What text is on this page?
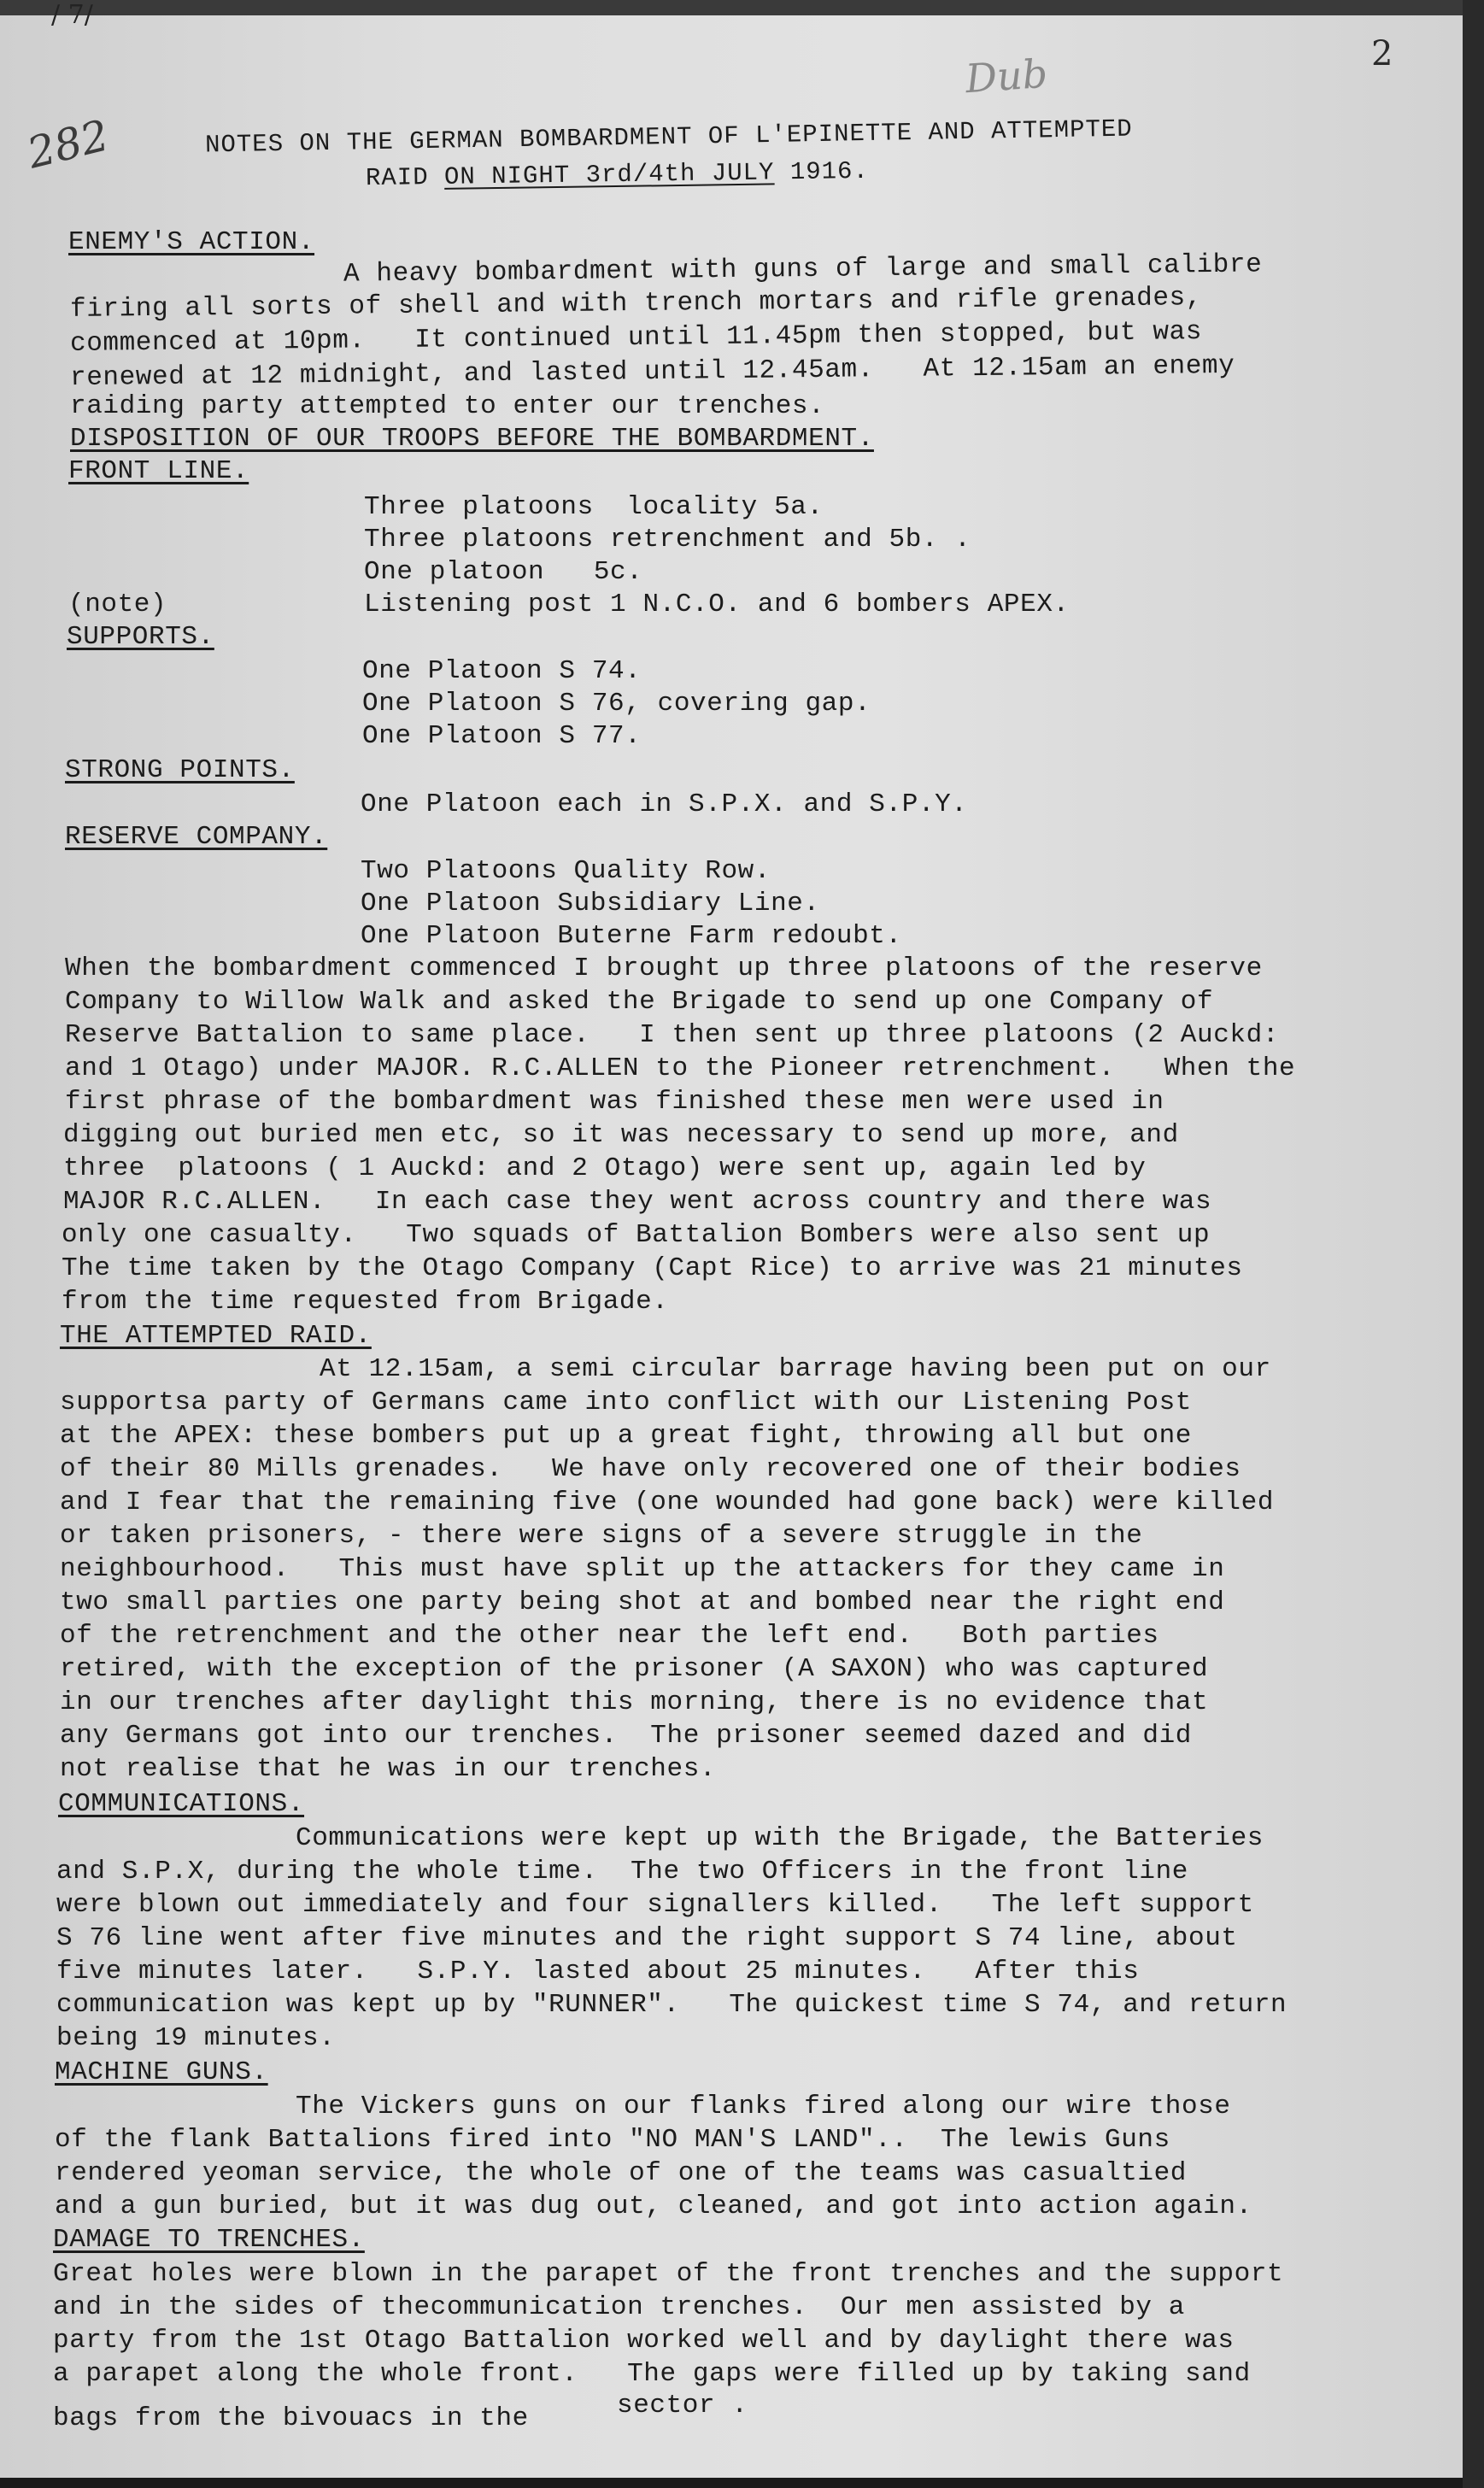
/ 7/
2
282
Dub
NOTES ON THE GERMAN BOMBARDMENT OF L'EPINETTE AND ATTEMPTED
RAID ON NIGHT 3rd/4th JULY 1916.
ENEMY'S ACTION.
A heavy bombardment with guns of large and small calibre
firing all sorts of shell and with trench mortars and rifle grenades,
commenced at 10pm.   It continued until 11.45pm then stopped, but was
renewed at 12 midnight, and lasted until 12.45am.   At 12.15am an enemy
raiding party attempted to enter our trenches.
DISPOSITION OF OUR TROOPS BEFORE THE BOMBARDMENT.
FRONT LINE.
Three platoons  locality 5a.
Three platoons retrenchment and 5b. .
One platoon   5c.
(note)	Listening post 1 N.C.O. and 6 bombers APEX.
SUPPORTS.
One Platoon S 74.
One Platoon S 76, covering gap.
One Platoon S 77.
STRONG POINTS.
One Platoon each in S.P.X. and S.P.Y.
RESERVE COMPANY.
Two Platoons Quality Row.
One Platoon Subsidiary Line.
One Platoon Buterne Farm redoubt.
When the bombardment commenced I brought up three platoons of the reserve
Company to Willow Walk and asked the Brigade to send up one Company of
Reserve Battalion to same place.   I then sent up three platoons (2 Auckd:
and 1 Otago) under MAJOR. R.C.ALLEN to the Pioneer retrenchment.   When the
first phrase of the bombardment was finished these men were used in
digging out buried men etc, so it was necessary to send up more, and
three  platoons ( 1 Auckd: and 2 Otago) were sent up, again led by
MAJOR R.C.ALLEN.   In each case they went across country and there was
only one casualty.   Two squads of Battalion Bombers were also sent up
The time taken by the Otago Company (Capt Rice) to arrive was 21 minutes
from the time requested from Brigade.
THE ATTEMPTED RAID.
At 12.15am, a semi circular barrage having been put on our
supportsa party of Germans came into conflict with our Listening Post
at the APEX: these bombers put up a great fight, throwing all but one
of their 80 Mills grenades.   We have only recovered one of their bodies
and I fear that the remaining five (one wounded had gone back) were killed
or taken prisoners, - there were signs of a severe struggle in the
neighbourhood.   This must have split up the attackers for they came in
two small parties one party being shot at and bombed near the right end
of the retrenchment and the other near the left end.   Both parties
retired, with the exception of the prisoner (A SAXON) who was captured
in our trenches after daylight this morning, there is no evidence that
any Germans got into our trenches.  The prisoner seemed dazed and did
not realise that he was in our trenches.
COMMUNICATIONS.
Communications were kept up with the Brigade, the Batteries
and S.P.X, during the whole time.  The two Officers in the front line
were blown out immediately and four signallers killed.   The left support
S 76 line went after five minutes and the right support S 74 line, about
five minutes later.   S.P.Y. lasted about 25 minutes.   After this
communication was kept up by "RUNNER".   The quickest time S 74, and return
being 19 minutes.
MACHINE GUNS.
The Vickers guns on our flanks fired along our wire those
of the flank Battalions fired into "NO MAN'S LAND"..  The lewis Guns
rendered yeoman service, the whole of one of the teams was casualtied
and a gun buried, but it was dug out, cleaned, and got into action again.
DAMAGE TO TRENCHES.
Great holes were blown in the parapet of the front trenches and the support
and in the sides of thecommunication trenches.  Our men assisted by a
party from the 1st Otago Battalion worked well and by daylight there was
a parapet along the whole front.   The gaps were filled up by taking sand
bags from the bivouacs in the	sector .
